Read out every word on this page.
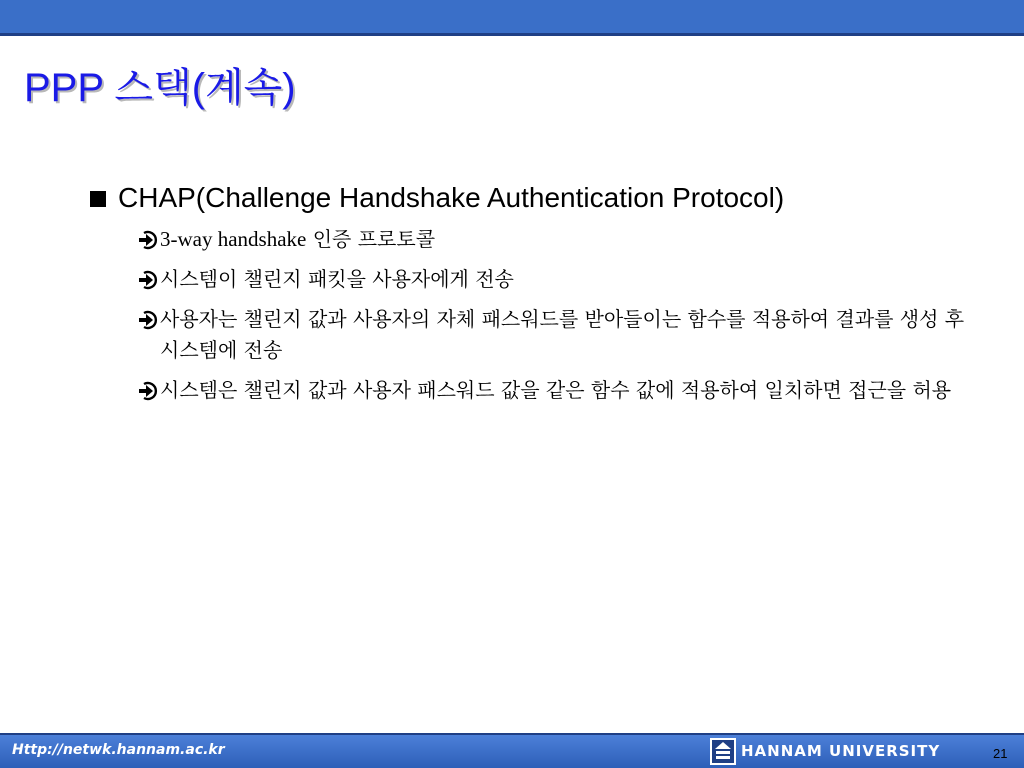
PPP 스택(계속)
CHAP(Challenge Handshake Authentication Protocol)
3-way handshake 인증 프로토콜
시스템이 챌린지 패킷을 사용자에게 전송
사용자는 챌린지 값과 사용자의 자체 패스워드를 받아들이는 함수를 적용하여 결과를 생성 후 시스템에 전송
시스템은 챌린지 값과 사용자 패스워드 값을 같은 함수 값에 적용하여 일치하면 접근을 허용
Http://netwk.hannam.ac.kr	HANNAM UNIVERSITY	21
